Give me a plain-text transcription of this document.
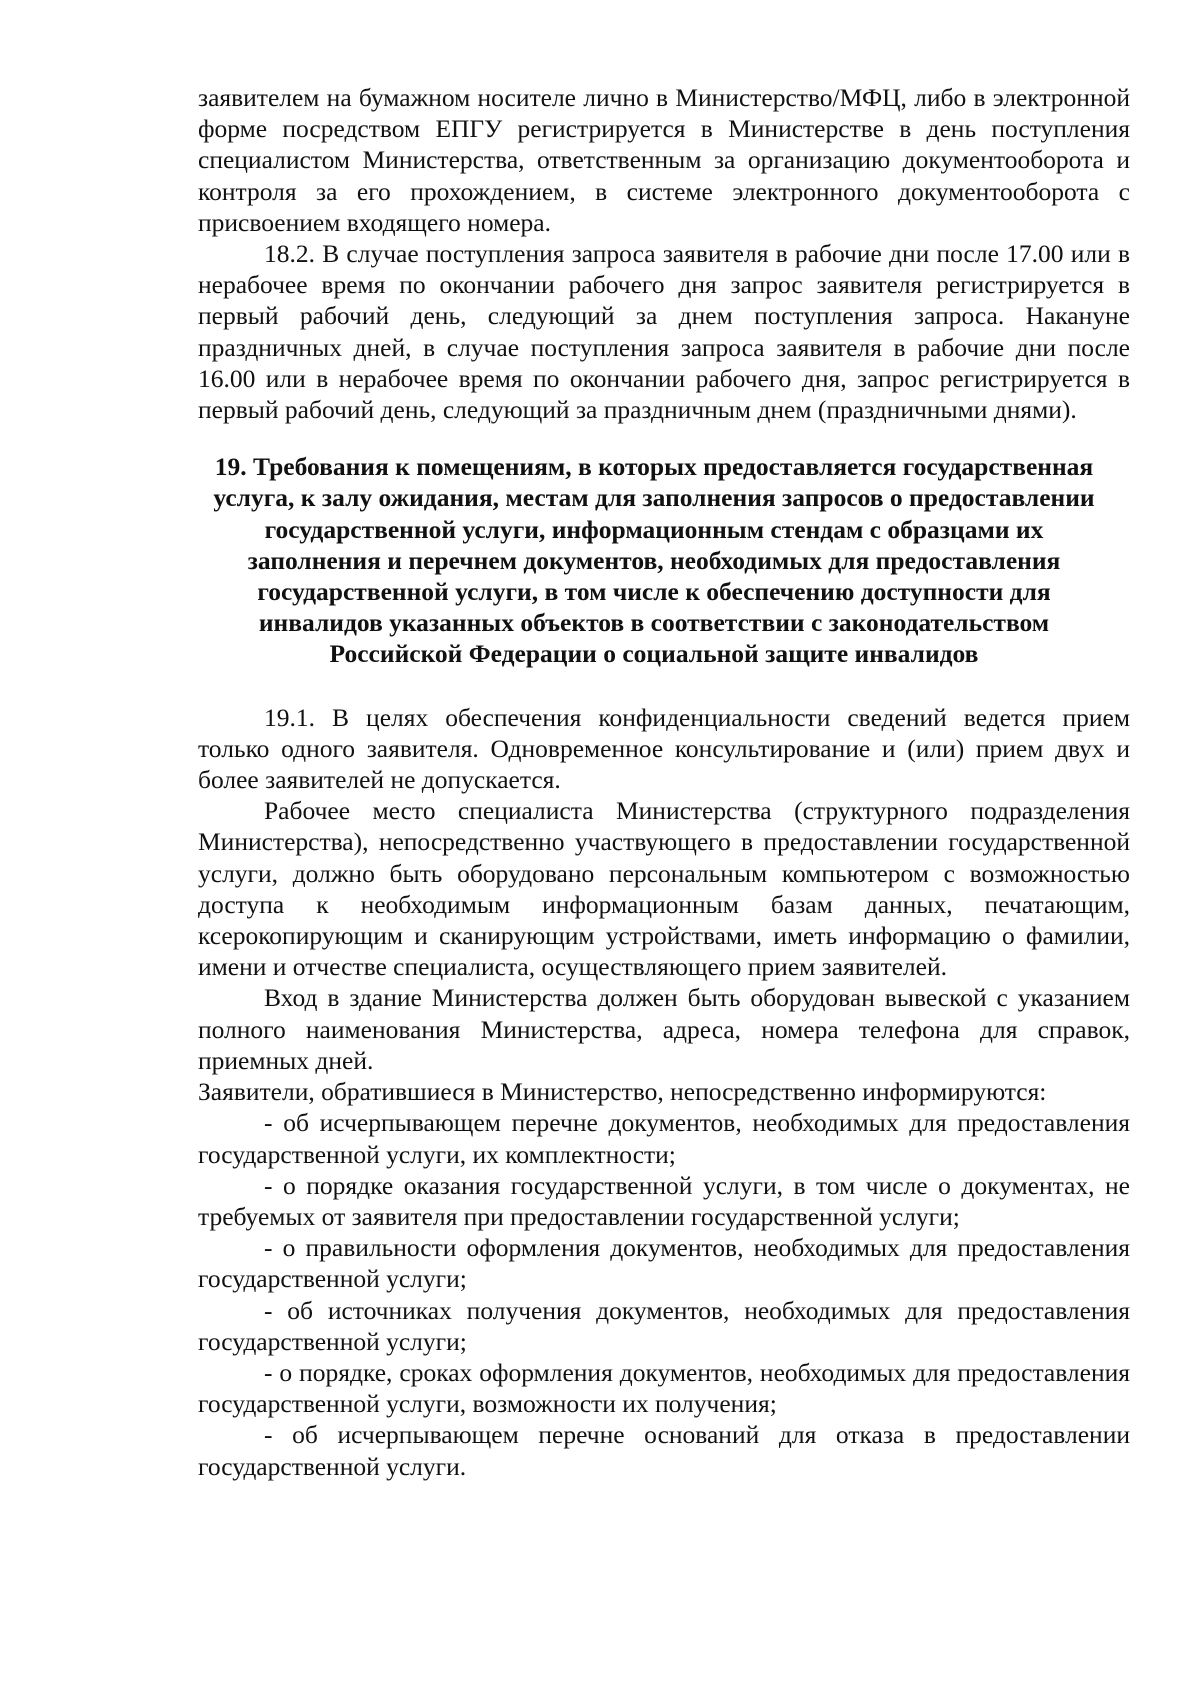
заявителем на бумажном носителе лично в Министерство/МФЦ, либо в электронной форме посредством ЕПГУ регистрируется в Министерстве в день поступления специалистом Министерства, ответственным за организацию документооборота и контроля за его прохождением, в системе электронного документооборота с присвоением входящего номера.

18.2. В случае поступления запроса заявителя в рабочие дни после 17.00 или в нерабочее время по окончании рабочего дня запрос заявителя регистрируется в первый рабочий день, следующий за днем поступления запроса. Накануне праздничных дней, в случае поступления запроса заявителя в рабочие дни после 16.00 или в нерабочее время по окончании рабочего дня, запрос регистрируется в первый рабочий день, следующий за праздничным днем (праздничными днями).

19. Требования к помещениям, в которых предоставляется государственная услуга, к залу ожидания, местам для заполнения запросов о предоставлении государственной услуги, информационным стендам с образцами их заполнения и перечнем документов, необходимых для предоставления государственной услуги, в том числе к обеспечению доступности для инвалидов указанных объектов в соответствии с законодательством Российской Федерации о социальной защите инвалидов

19.1. В целях обеспечения конфиденциальности сведений ведется прием только одного заявителя. Одновременное консультирование и (или) прием двух и более заявителей не допускается.

Рабочее место специалиста Министерства (структурного подразделения Министерства), непосредственно участвующего в предоставлении государственной услуги, должно быть оборудовано персональным компьютером с возможностью доступа к необходимым информационным базам данных, печатающим, ксерокопирующим и сканирующим устройствами, иметь информацию о фамилии, имени и отчестве специалиста, осуществляющего прием заявителей.

Вход в здание Министерства должен быть оборудован вывеской с указанием полного наименования Министерства, адреса, номера телефона для справок, приемных дней.

Заявители, обратившиеся в Министерство, непосредственно информируются:

- об исчерпывающем перечне документов, необходимых для предоставления государственной услуги, их комплектности;

- о порядке оказания государственной услуги, в том числе о документах, не требуемых от заявителя при предоставлении государственной услуги;

- о правильности оформления документов, необходимых для предоставления государственной услуги;

- об источниках получения документов, необходимых для предоставления государственной услуги;

- о порядке, сроках оформления документов, необходимых для предоставления государственной услуги, возможности их получения;

- об исчерпывающем перечне оснований для отказа в предоставлении государственной услуги.
